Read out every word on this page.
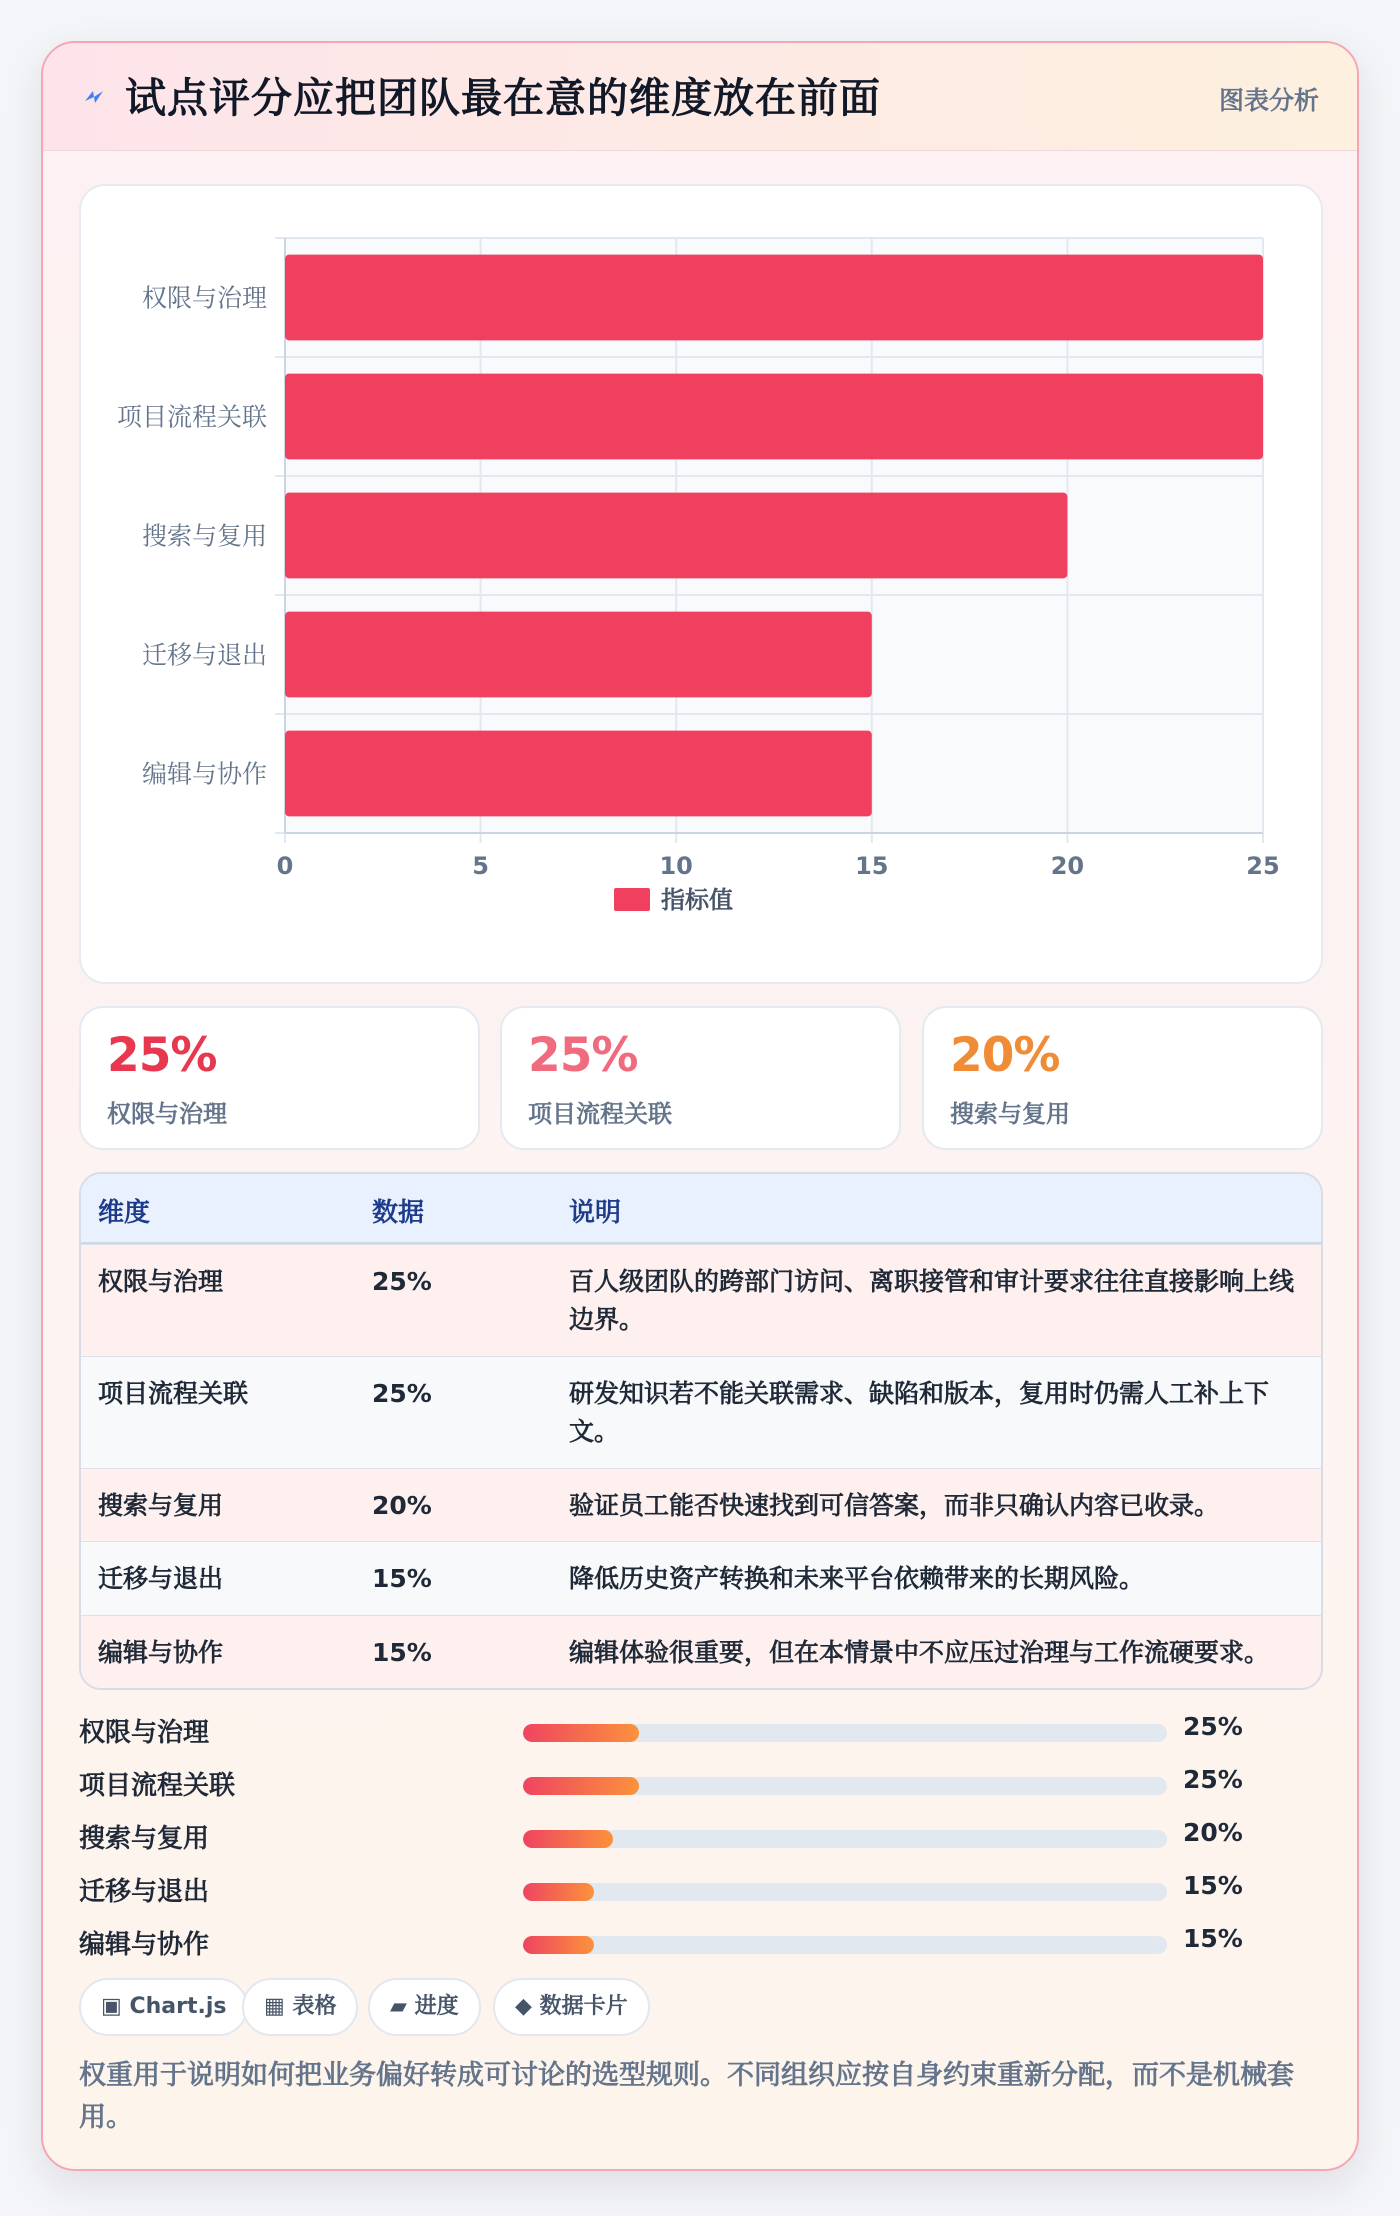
试点评分应把团队最在意的维度放在前面	图表分析
权限与治理
项目流程关联
搜索与复用
迁移与退出
编辑与协作
0	5	10	15	20	25
指标值
25%
权限与治理
25%
项目流程关联
20%
搜索与复用
维度	数据	说明
权限与治理	25%	百人级团队的跨部门访问、离职接管和审计要求往往直接影响上线边界。
项目流程关联	25%	研发知识若不能关联需求、缺陷和版本，复用时仍需人工补上下文。
搜索与复用	20%	验证员工能否快速找到可信答案，而非只确认内容已收录。
迁移与退出	15%	降低历史资产转换和未来平台依赖带来的长期风险。
编辑与协作	15%	编辑体验很重要，但在本情景中不应压过治理与工作流硬要求。
权限与治理	25%
项目流程关联	25%
搜索与复用	20%
迁移与退出	15%
编辑与协作	15%
▣ Chart.js	▦ 表格	▰ 进度	◆ 数据卡片
权重用于说明如何把业务偏好转成可讨论的选型规则。不同组织应按自身约束重新分配，而不是机械套用。
